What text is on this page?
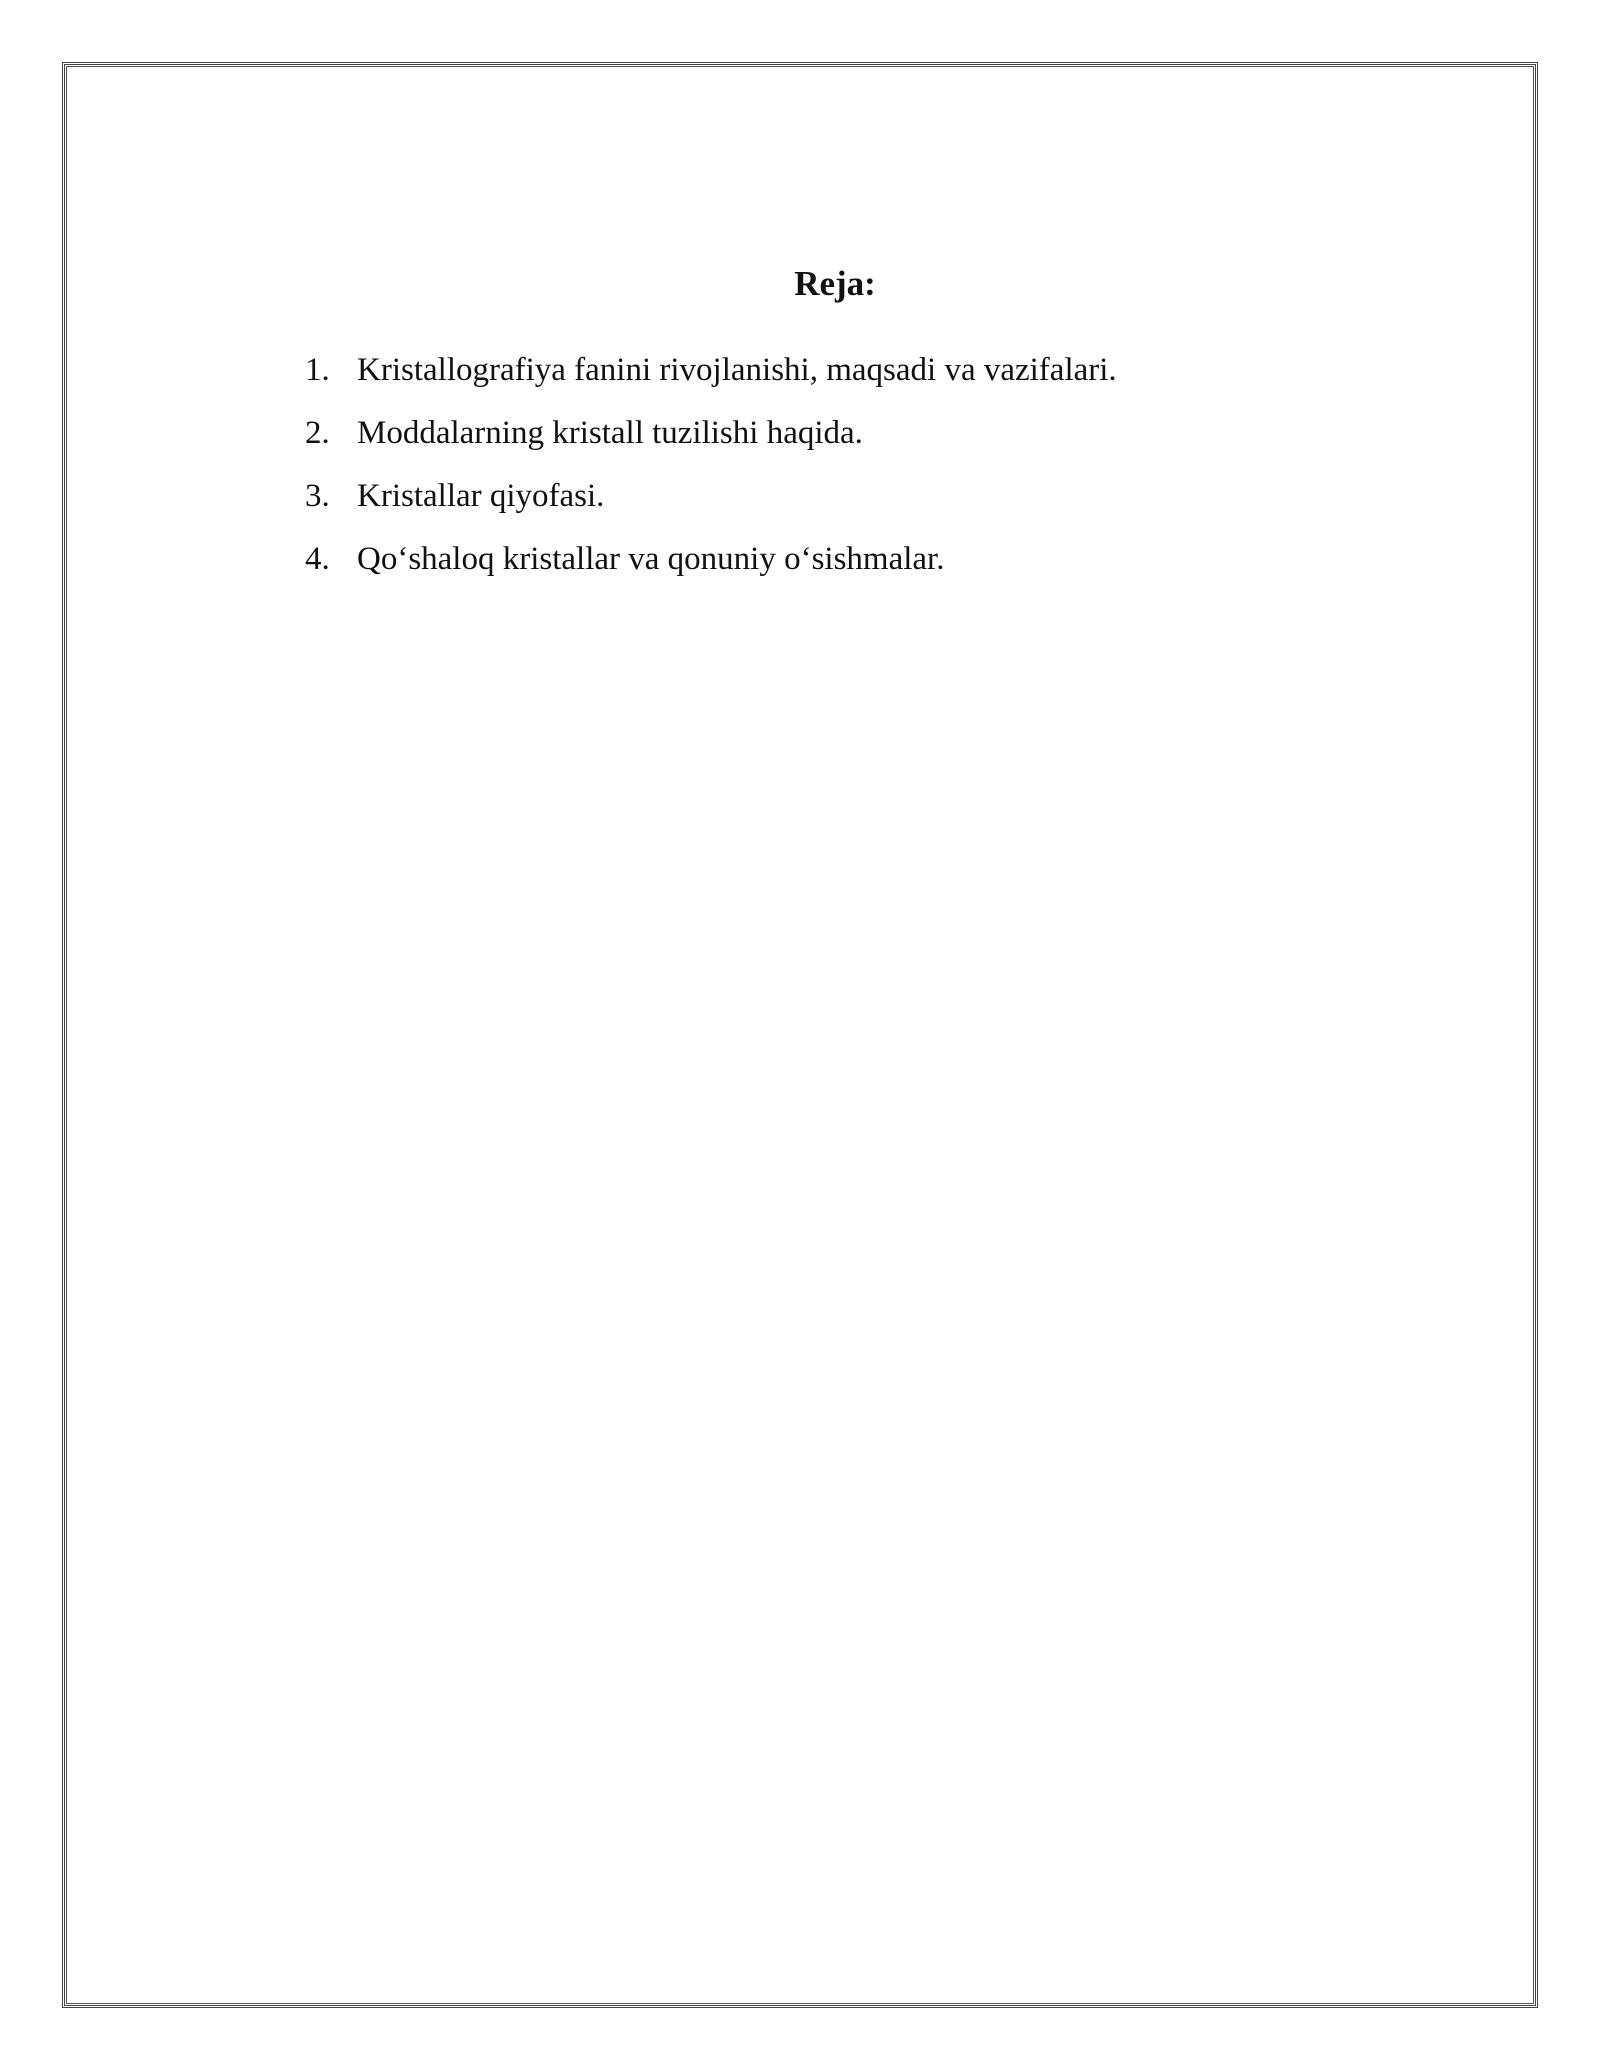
Reja:
1. Kristallografiya fanini rivojlanishi, maqsadi va vazifalari.
2. Moddalarning kristall tuzilishi haqida.
3. Kristallar qiyofasi.
4. Qo‘shaloq kristallar va qonuniy o‘sishmalar.
